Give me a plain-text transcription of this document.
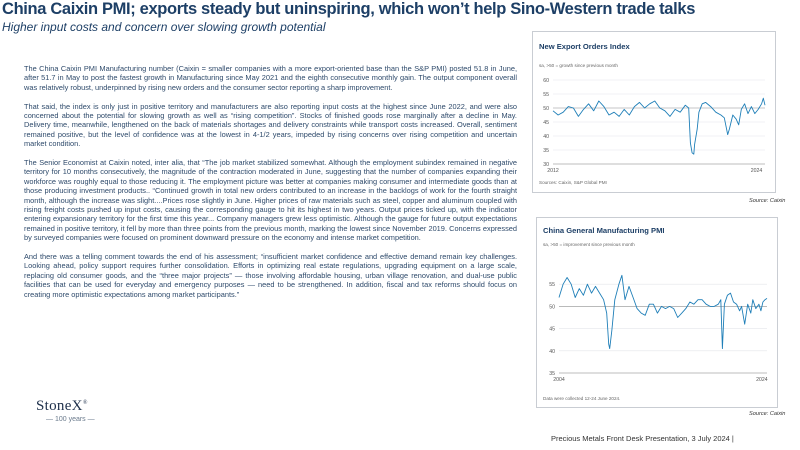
China Caixin PMI; exports steady but uninspiring, which won’t help Sino-Western trade talks
Higher input costs and concern over slowing growth potential

The China Caixin PMI Manufacturing number (Caixin = smaller companies with a more export-oriented base than the S&P PMI) posted 51.8 in June, after 51.7 in May to post the fastest growth in Manufacturing since May 2021 and the eighth consecutive monthly gain. The output component overall was relatively robust, underpinned by rising new orders and the consumer sector reporting a sharp improvement.

That said, the index is only just in positive territory and manufacturers are also reporting input costs at the highest since June 2022, and were also concerned about the potential for slowing growth as well as “rising competition”. Stocks of finished goods rose marginally after a decline in May. Delivery time, meanwhile, lengthened on the back of materials shortages and delivery constraints while transport costs increased. Overall, sentiment remained positive, but the level of confidence was at the lowest in 4-1/2 years, impeded by rising concerns over rising competition and uncertain market condition.

The Senior Economist at Caixin noted, inter alia, that “The job market stabilized somewhat. Although the employment subindex remained in negative territory for 10 months consecutively, the magnitude of the contraction moderated in June, suggesting that the number of companies expanding their workforce was roughly equal to those reducing it. The employment picture was better at companies making consumer and intermediate goods than at those producing investment products.. “Continued growth in total new orders contributed to an increase in the backlogs of work for the fourth straight month, although the increase was slight....Prices rose slightly in June. Higher prices of raw materials such as steel, copper and aluminum coupled with rising freight costs pushed up input costs, causing the corresponding gauge to hit its highest in two years. Output prices ticked up, with the indicator entering expansionary territory for the first time this year... Company managers grew less optimistic. Although the gauge for future output expectations remained in positive territory, it fell by more than three points from the previous month, marking the lowest since November 2019. Concerns expressed by surveyed companies were focused on prominent downward pressure on the economy and intense market competition.

And there was a telling comment towards the end of his assessment; “insufficient market confidence and effective demand remain key challenges. Looking ahead, policy support requires further consolidation. Efforts in optimizing real estate regulations, upgrading equipment on a large scale, replacing old consumer goods, and the “three major projects” — those involving affordable housing, urban village renovation, and dual-use public facilities that can be used for everyday and emergency purposes — need to be strengthened. In addition, fiscal and tax reforms should focus on creating more optimistic expectations among market participants.”

StoneX®
— 100 years —
New Export Orders Index
sa, >50 = growth since previous month
30
35
40
45
50
55
60
2012	2024
Sources: Caixin, S&P Global PMI
Source: Caixin
China General Manufacturing PMI
sa, >50 = improvement since previous month
35
40
45
50
55
2004	2024
Data were collected 12-24 June 2024.
Source: Caixin
Precious Metals Front Desk Presentation, 3 July 2024 |
